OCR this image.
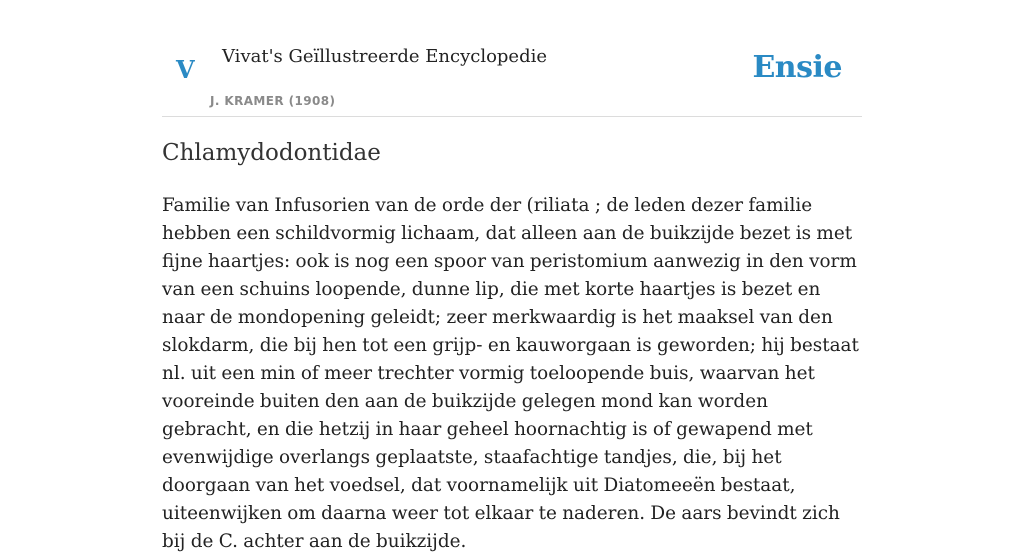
V Vivat's Geïllustreerde Encyclopedie
J. KRAMER (1908)
Ensie
Chlamydodontidae

Familie van Infusorien van de orde der (riliata ; de leden dezer familie hebben een schildvormig lichaam, dat alleen aan de buikzijde bezet is met fijne haartjes: ook is nog een spoor van peristomium aanwezig in den vorm van een schuins loopende, dunne lip, die met korte haartjes is bezet en naar de mondopening geleidt; zeer merkwaardig is het maaksel van den slokdarm, die bij hen tot een grijp- en kauworgaan is geworden; hij bestaat nl. uit een min of meer trechter vormig toeloopende buis, waarvan het vooreinde buiten den aan de buikzijde gelegen mond kan worden gebracht, en die hetzij in haar geheel hoornachtig is of gewapend met evenwijdige overlangs geplaatste, staafachtige tandjes, die, bij het doorgaan van het voedsel, dat voornamelijk uit Diatomeeën bestaat, uiteenwijken om daarna weer tot elkaar te naderen. De aars bevindt zich bij de C. achter aan de buikzijde.
